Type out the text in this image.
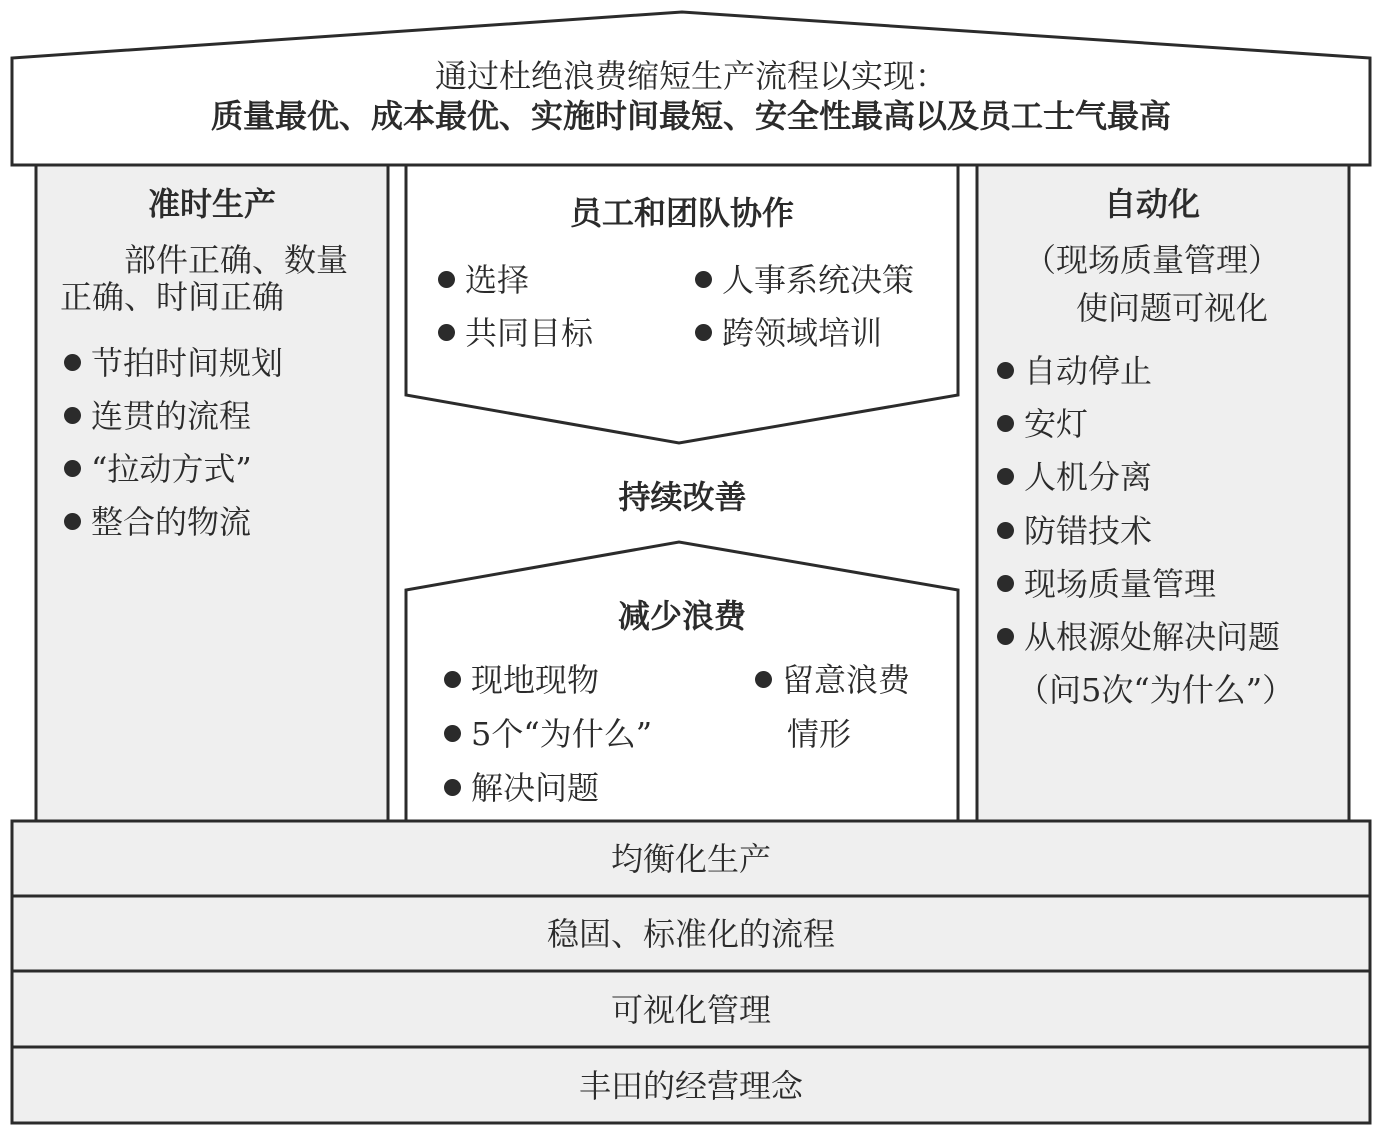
通过杜绝浪费缩短生产流程以实现：
质量最优、成本最优、实施时间最短、安全性最高以及员工士气最高
准时生产
部件正确、数量
正确、时间正确
节拍时间规划
连贯的流程
“拉动方式”
整合的物流
员工和团队协作
选择
共同目标
人事系统决策
跨领域培训
持续改善
减少浪费
现地现物
5个“为什么”
解决问题
留意浪费
情形
自动化
（现场质量管理）
使问题可视化
自动停止
安灯
人机分离
防错技术
现场质量管理
从根源处解决问题
（问5次“为什么”）
均衡化生产
稳固、标准化的流程
可视化管理
丰田的经营理念
